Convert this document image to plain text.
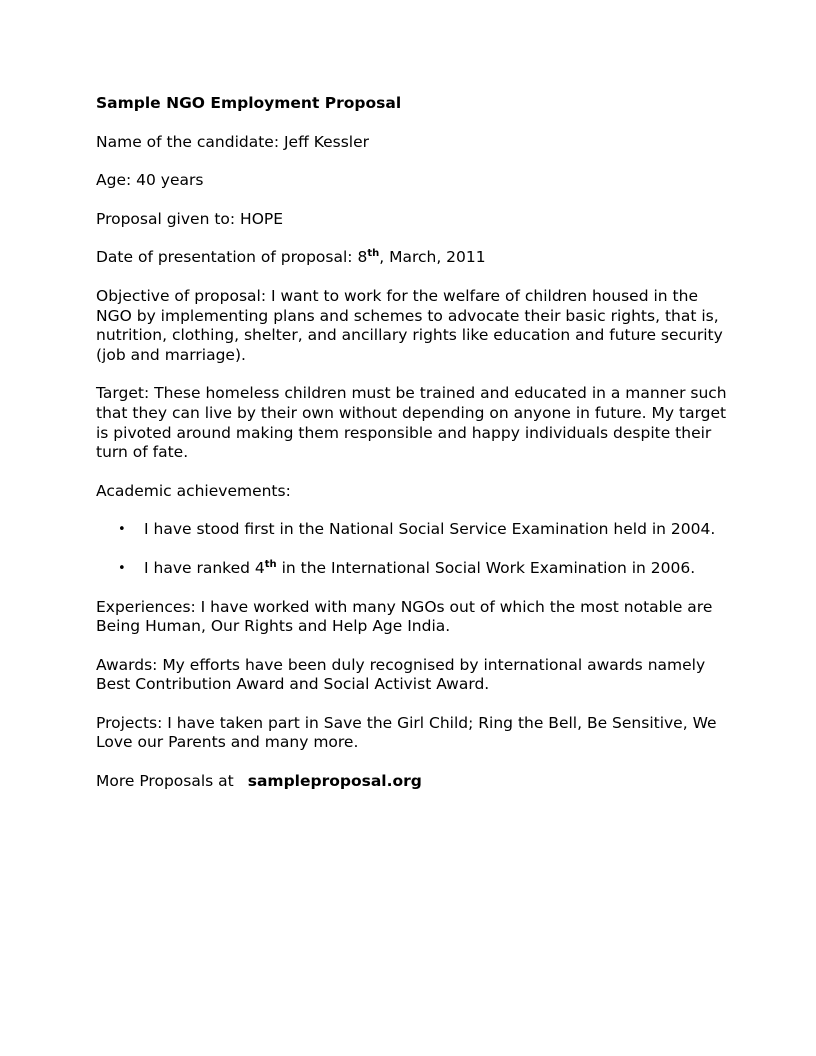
Sample NGO Employment Proposal

Name of the candidate: Jeff Kessler

Age: 40 years

Proposal given to: HOPE

Date of presentation of proposal: 8th, March, 2011

Objective of proposal: I want to work for the welfare of children housed in the NGO by implementing plans and schemes to advocate their basic rights, that is, nutrition, clothing, shelter, and ancillary rights like education and future security (job and marriage).

Target: These homeless children must be trained and educated in a manner such that they can live by their own without depending on anyone in future. My target is pivoted around making them responsible and happy individuals despite their turn of fate.

Academic achievements:

• I have stood first in the National Social Service Examination held in 2004.
• I have ranked 4th in the International Social Work Examination in 2006.

Experiences: I have worked with many NGOs out of which the most notable are Being Human, Our Rights and Help Age India.

Awards: My efforts have been duly recognised by international awards namely Best Contribution Award and Social Activist Award.

Projects: I have taken part in Save the Girl Child; Ring the Bell, Be Sensitive, We Love our Parents and many more.

More Proposals at sampleproposal.org
